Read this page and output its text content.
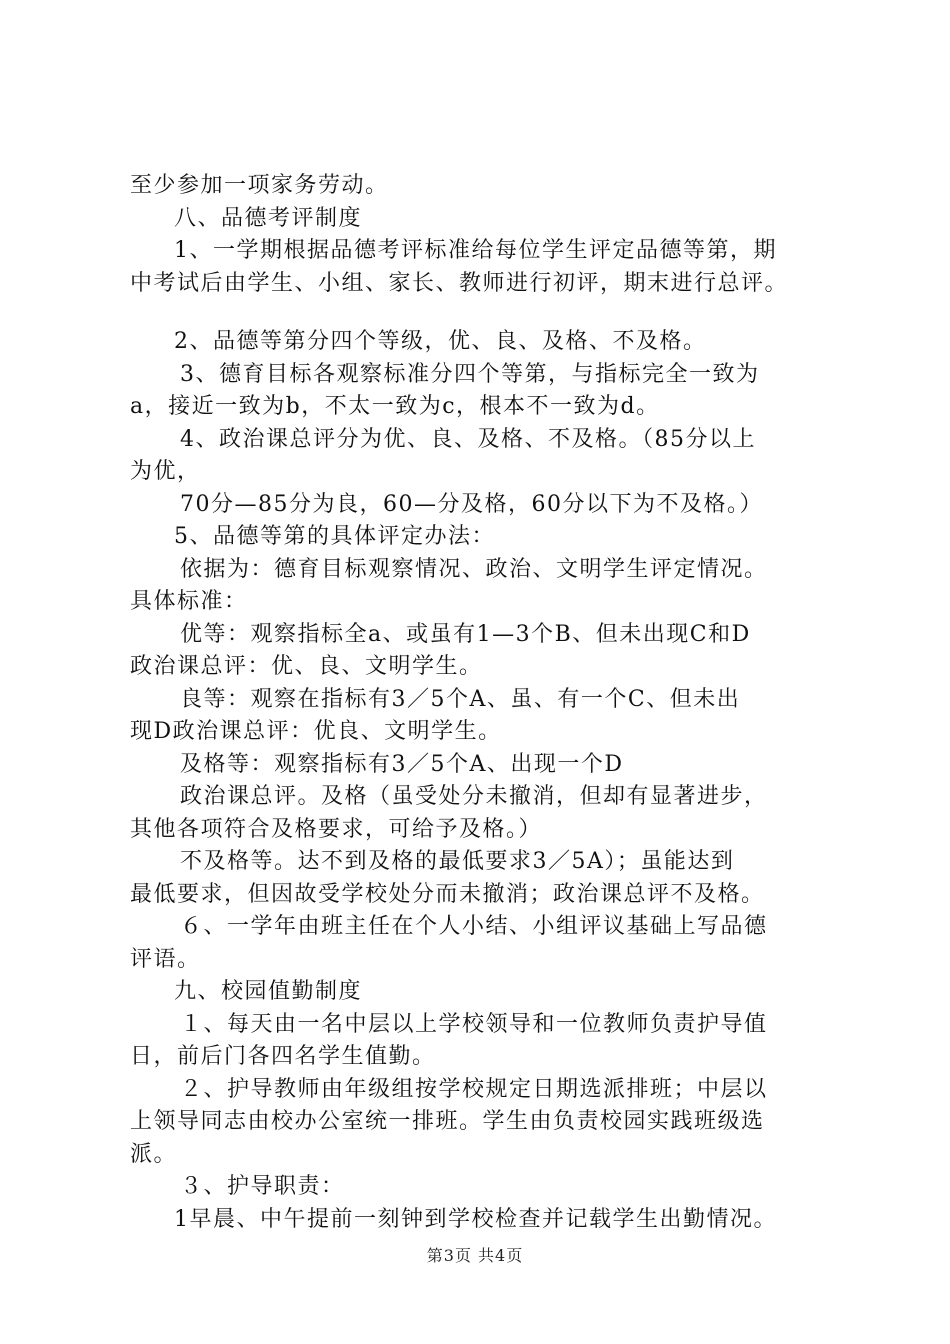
至少参加一项家务劳动。
八、品德考评制度
1、一学期根据品德考评标准给每位学生评定品德等第，期
中考试后由学生、小组、家长、教师进行初评，期末进行总评。
2、品德等第分四个等级，优、良、及格、不及格。
3、德育目标各观察标准分四个等第，与指标完全一致为
a，接近一致为b，不太一致为c，根本不一致为d。
4、政治课总评分为优、良、及格、不及格。（85分以上
为优，
70分—85分为良，60—分及格，60分以下为不及格。）
5、品德等第的具体评定办法：
依据为：德育目标观察情况、政治、文明学生评定情况。
具体标准：
优等：观察指标全a、或虽有1—3个B、但未出现C和D
政治课总评：优、良、文明学生。
良等：观察在指标有3／5个A、虽、有一个C、但未出
现D政治课总评：优良、文明学生。
及格等：观察指标有3／5个A、出现一个D
政治课总评。及格（虽受处分未撤消，但却有显著进步，
其他各项符合及格要求，可给予及格。）
不及格等。达不到及格的最低要求3／5A）；虽能达到
最低要求，但因故受学校处分而未撤消；政治课总评不及格。
６、一学年由班主任在个人小结、小组评议基础上写品德
评语。
九、校园值勤制度
１、每天由一名中层以上学校领导和一位教师负责护导值
日，前后门各四名学生值勤。
２、护导教师由年级组按学校规定日期选派排班；中层以
上领导同志由校办公室统一排班。学生由负责校园实践班级选
派。
３、护导职责：
1早晨、中午提前一刻钟到学校检查并记载学生出勤情况。
第3页 共4页
